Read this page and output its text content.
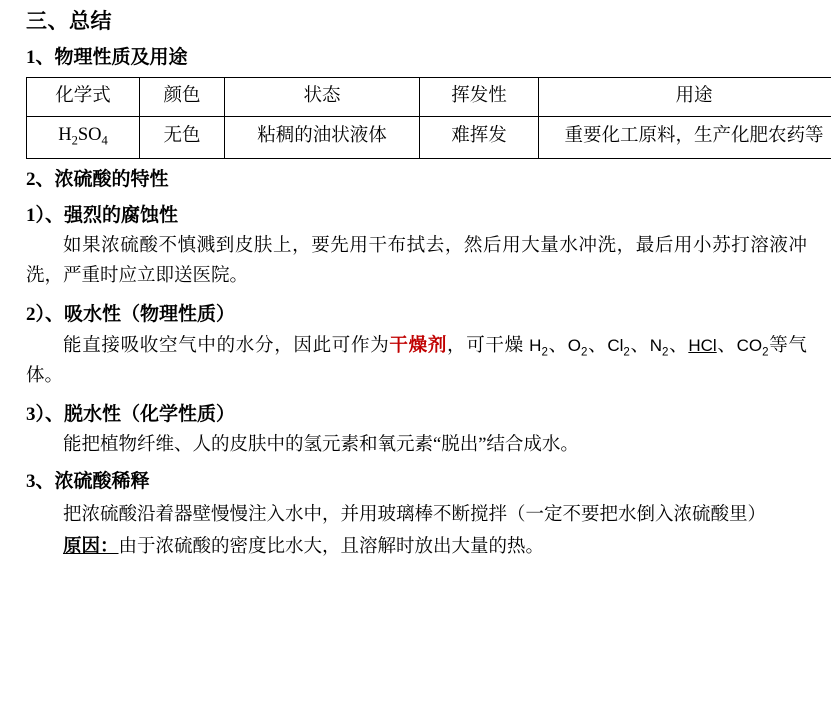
三、总结
1、物理性质及用途
化学式	颜色	状态	挥发性	用途
$H_2SO_4$	无色	粘稠的油状液体	难挥发	重要化工原料，生产化肥农药等
2、浓硫酸的特性
1）、强烈的腐蚀性
如果浓硫酸不慎溅到皮肤上，要先用干布拭去，然后用大量水冲洗，最后用小苏打溶液冲洗，严重时应立即送医院。
2）、吸水性（物理性质）
能直接吸收空气中的水分，因此可作为干燥剂，可干燥 $H_2$、$O_2$、$Cl_2$、$N_2$、HCl、$CO_2$等气体。
3）、脱水性（化学性质）
能把植物纤维、人的皮肤中的氢元素和氧元素“脱出”结合成水。
3、浓硫酸稀释
把浓硫酸沿着器壁慢慢注入水中，并用玻璃棒不断搅拌（一定不要把水倒入浓硫酸里）
原因：由于浓硫酸的密度比水大，且溶解时放出大量的热。
